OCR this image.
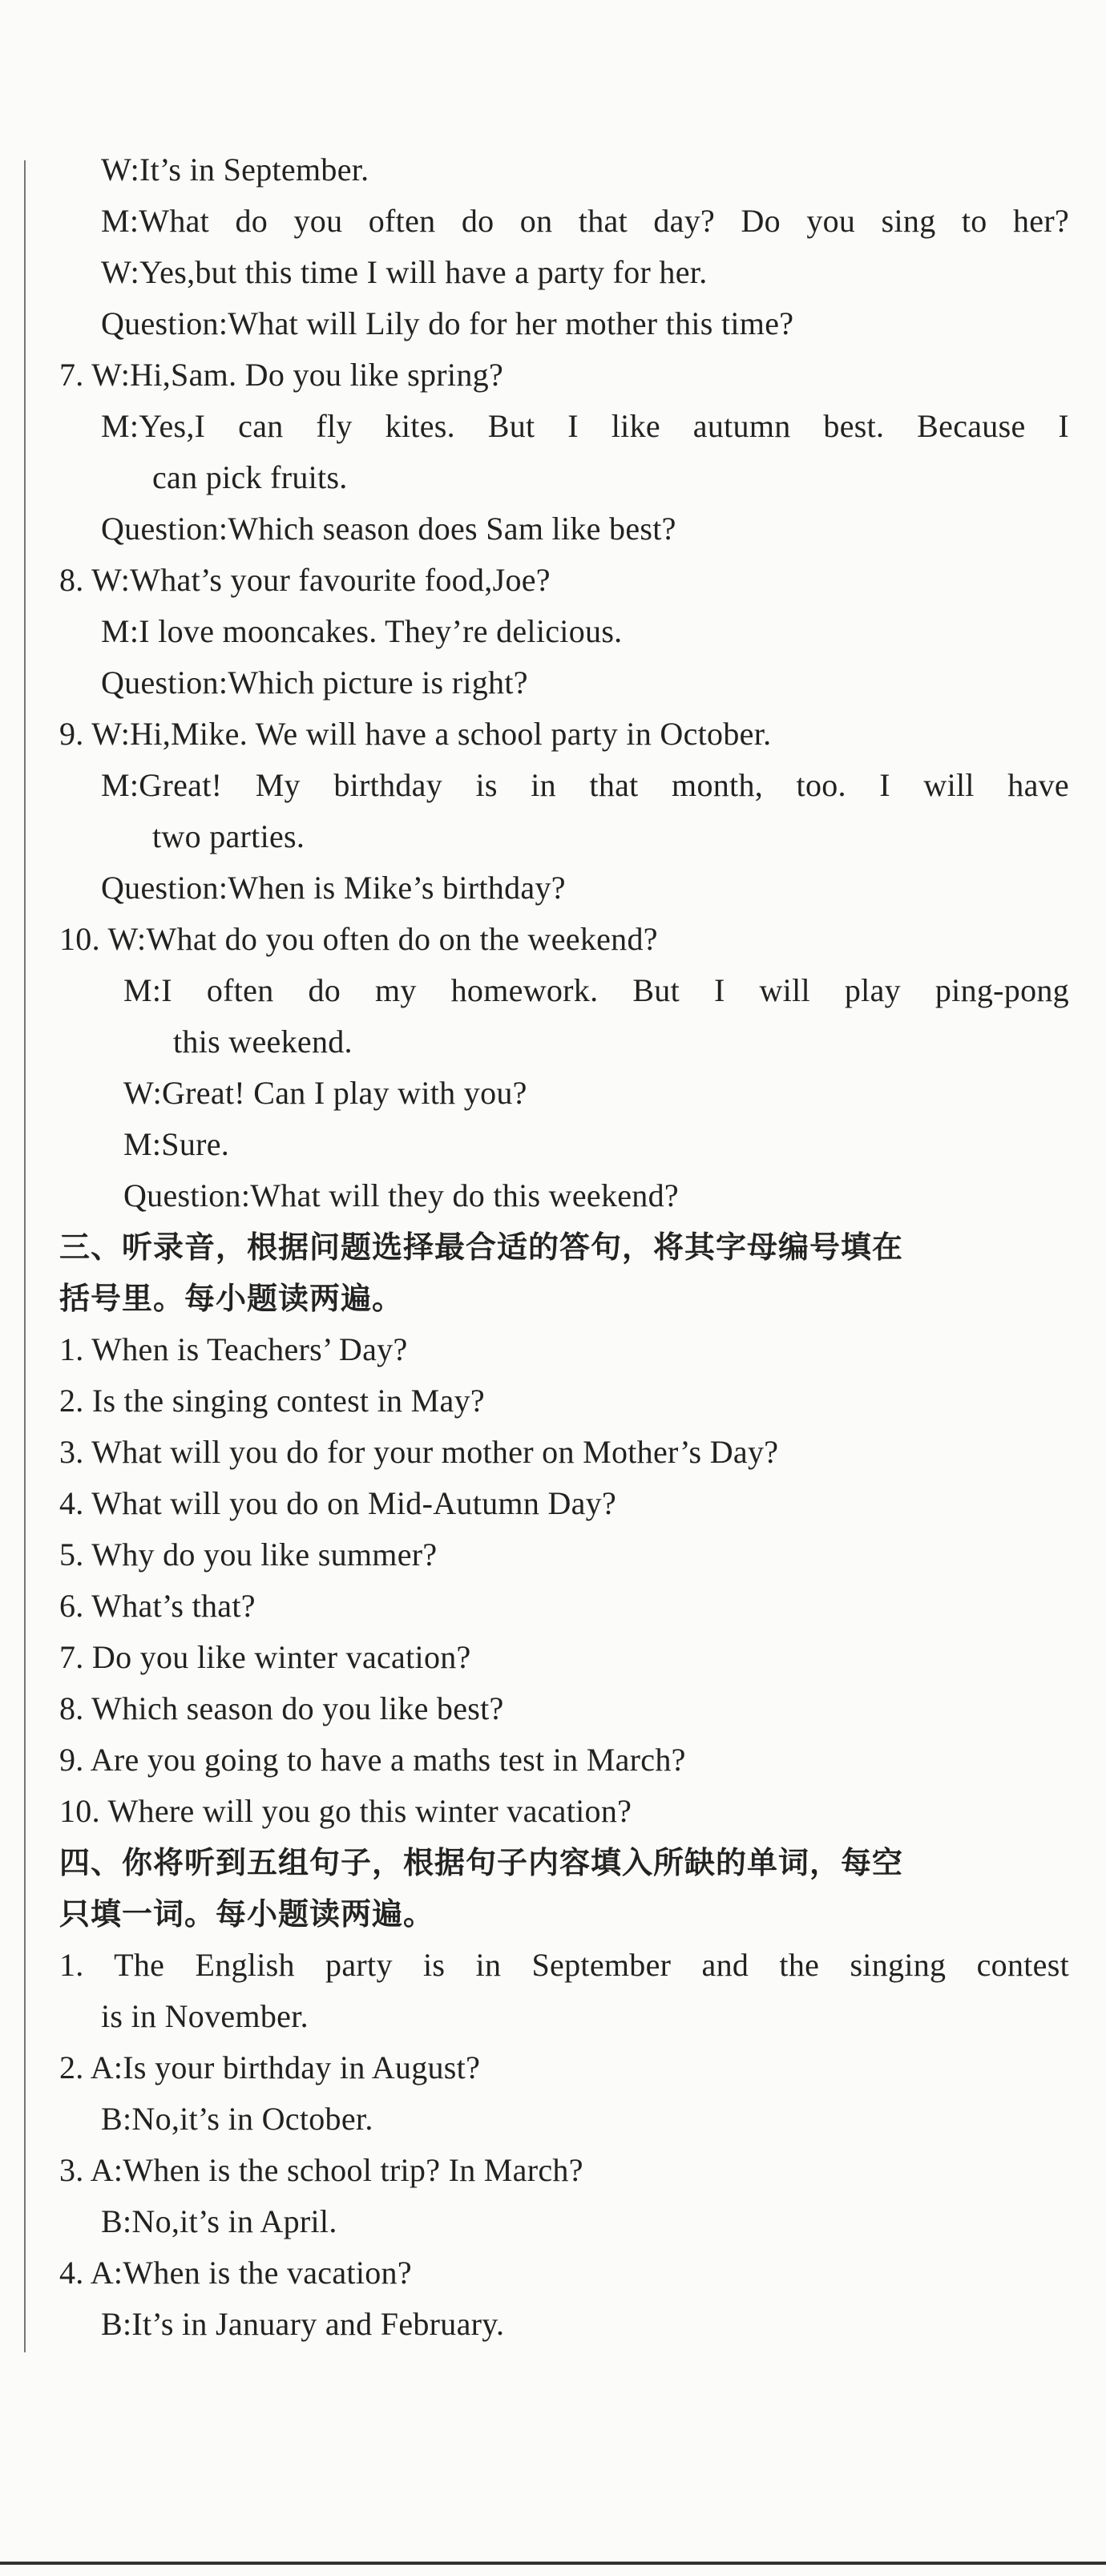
W:It’s in September.
M:What do you often do on that day? Do you sing to her?
W:Yes,but this time I will have a party for her.
Question:What will Lily do for her mother this time?
7. W:Hi,Sam. Do you like spring?
M:Yes,I can fly kites. But I like autumn best. Because I
can pick fruits.
Question:Which season does Sam like best?
8. W:What’s your favourite food,Joe?
M:I love mooncakes. They’re delicious.
Question:Which picture is right?
9. W:Hi,Mike. We will have a school party in October.
M:Great! My birthday is in that month, too. I will have
two parties.
Question:When is Mike’s birthday?
10. W:What do you often do on the weekend?
M:I often do my homework. But I will play ping-pong
this weekend.
W:Great! Can I play with you?
M:Sure.
Question:What will they do this weekend?
三、听录音，根据问题选择最合适的答句，将其字母编号填在
括号里。每小题读两遍。
1. When is Teachers’ Day?
2. Is the singing contest in May?
3. What will you do for your mother on Mother’s Day?
4. What will you do on Mid-Autumn Day?
5. Why do you like summer?
6. What’s that?
7. Do you like winter vacation?
8. Which season do you like best?
9. Are you going to have a maths test in March?
10. Where will you go this winter vacation?
四、你将听到五组句子，根据句子内容填入所缺的单词，每空
只填一词。每小题读两遍。
1. The English party is in September and the singing contest
is in November.
2. A:Is your birthday in August?
B:No,it’s in October.
3. A:When is the school trip? In March?
B:No,it’s in April.
4. A:When is the vacation?
B:It’s in January and February.
